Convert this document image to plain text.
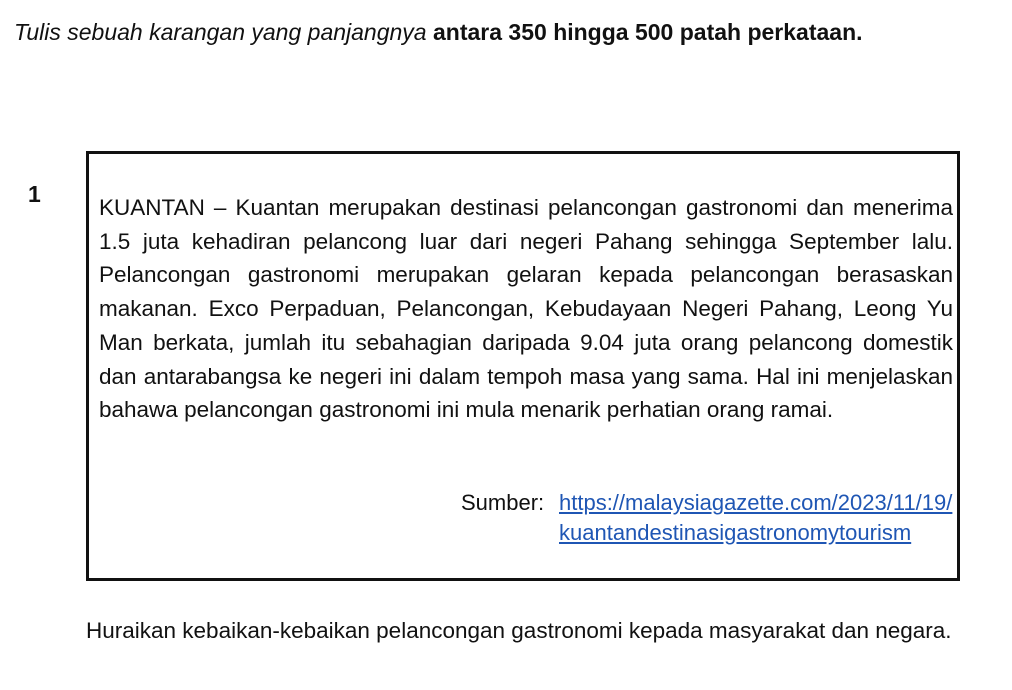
Tulis sebuah karangan yang panjangnya antara 350 hingga 500 patah perkataan.

1

KUANTAN – Kuantan merupakan destinasi pelancongan gastronomi dan menerima 1.5 juta kehadiran pelancong luar dari negeri Pahang sehingga September lalu. Pelancongan gastronomi merupakan gelaran kepada pelancongan berasaskan makanan. Exco Perpaduan, Pelancongan, Kebudayaan Negeri Pahang, Leong Yu Man berkata, jumlah itu sebahagian daripada 9.04 juta orang pelancong domestik dan antarabangsa ke negeri ini dalam tempoh masa yang sama. Hal ini menjelaskan bahawa pelancongan gastronomi ini mula menarik perhatian orang ramai.

Sumber: https://malaysiagazette.com/2023/11/19/kuantandestinasigastronomytourism

Huraikan kebaikan-kebaikan pelancongan gastronomi kepada masyarakat dan negara.
